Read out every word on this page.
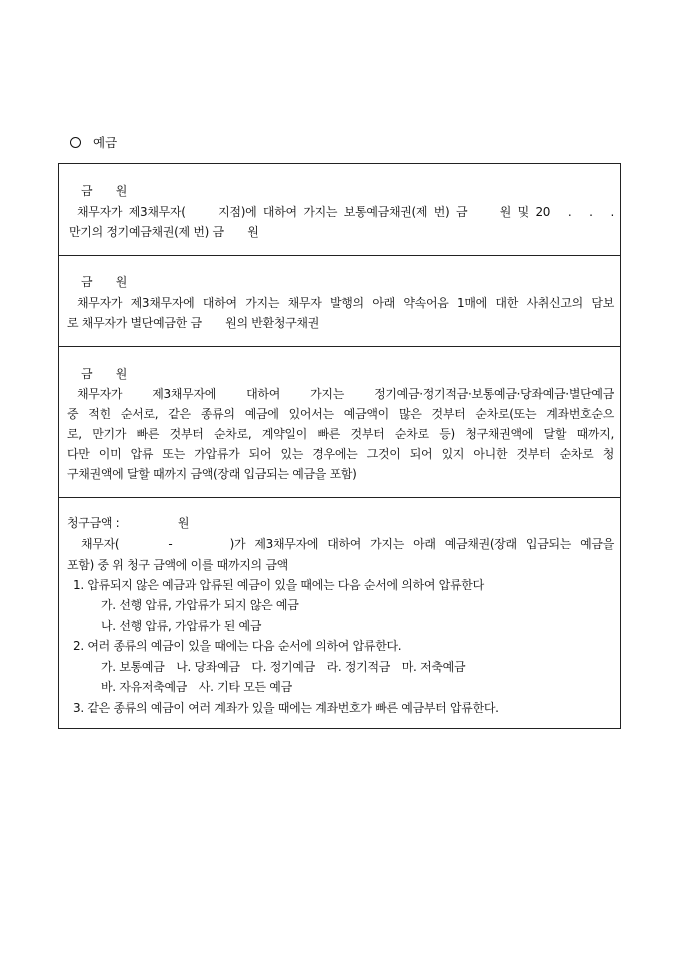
예금
금　　원
채무자가 제3채무자(　　지점)에 대하여 가지는 보통예금채권(제 번) 금　　원 및 20　.　.　.
만기의 정기예금채권(제 번) 금　　원
금　　원
채무자가 제3채무자에 대하여 가지는 채무자 발행의 아래 약속어음 1매에 대한 사취신고의 담보
로 채무자가 별단예금한 금　　원의 반환청구채권
금　　원
채무자가 제3채무자에 대하여 가지는 정기예금·정기적금·보통예금·당좌예금·별단예금
중 적힌 순서로, 같은 종류의 예금에 있어서는 예금액이 많은 것부터 순차로(또는 계좌번호순으
로, 만기가 빠른 것부터 순차로, 계약일이 빠른 것부터 순차로 등) 청구채권액에 달할 때까지,
다만 이미 압류 또는 가압류가 되어 있는 경우에는 그것이 되어 있지 아니한 것부터 순차로 청
구채권액에 달할 때까지 금액(장래 입금되는 예금을 포함)
청구금액 :　　　　　원
채무자(　　 -　　　)가 제3채무자에 대하여 가지는 아래 예금채권(장래 입금되는 예금을
포함) 중 위 청구 금액에 이를 때까지의 금액
1. 압류되지 않은 예금과 압류된 예금이 있을 때에는 다음 순서에 의하여 압류한다
가. 선행 압류, 가압류가 되지 않은 예금
나. 선행 압류, 가압류가 된 예금
2. 여러 종류의 예금이 있을 때에는 다음 순서에 의하여 압류한다.
가. 보통예금　나. 당좌예금　다. 정기예금　라. 정기적금　마. 저축예금
바. 자유저축예금　사. 기타 모든 예금
3. 같은 종류의 예금이 여러 계좌가 있을 때에는 계좌번호가 빠른 예금부터 압류한다.
